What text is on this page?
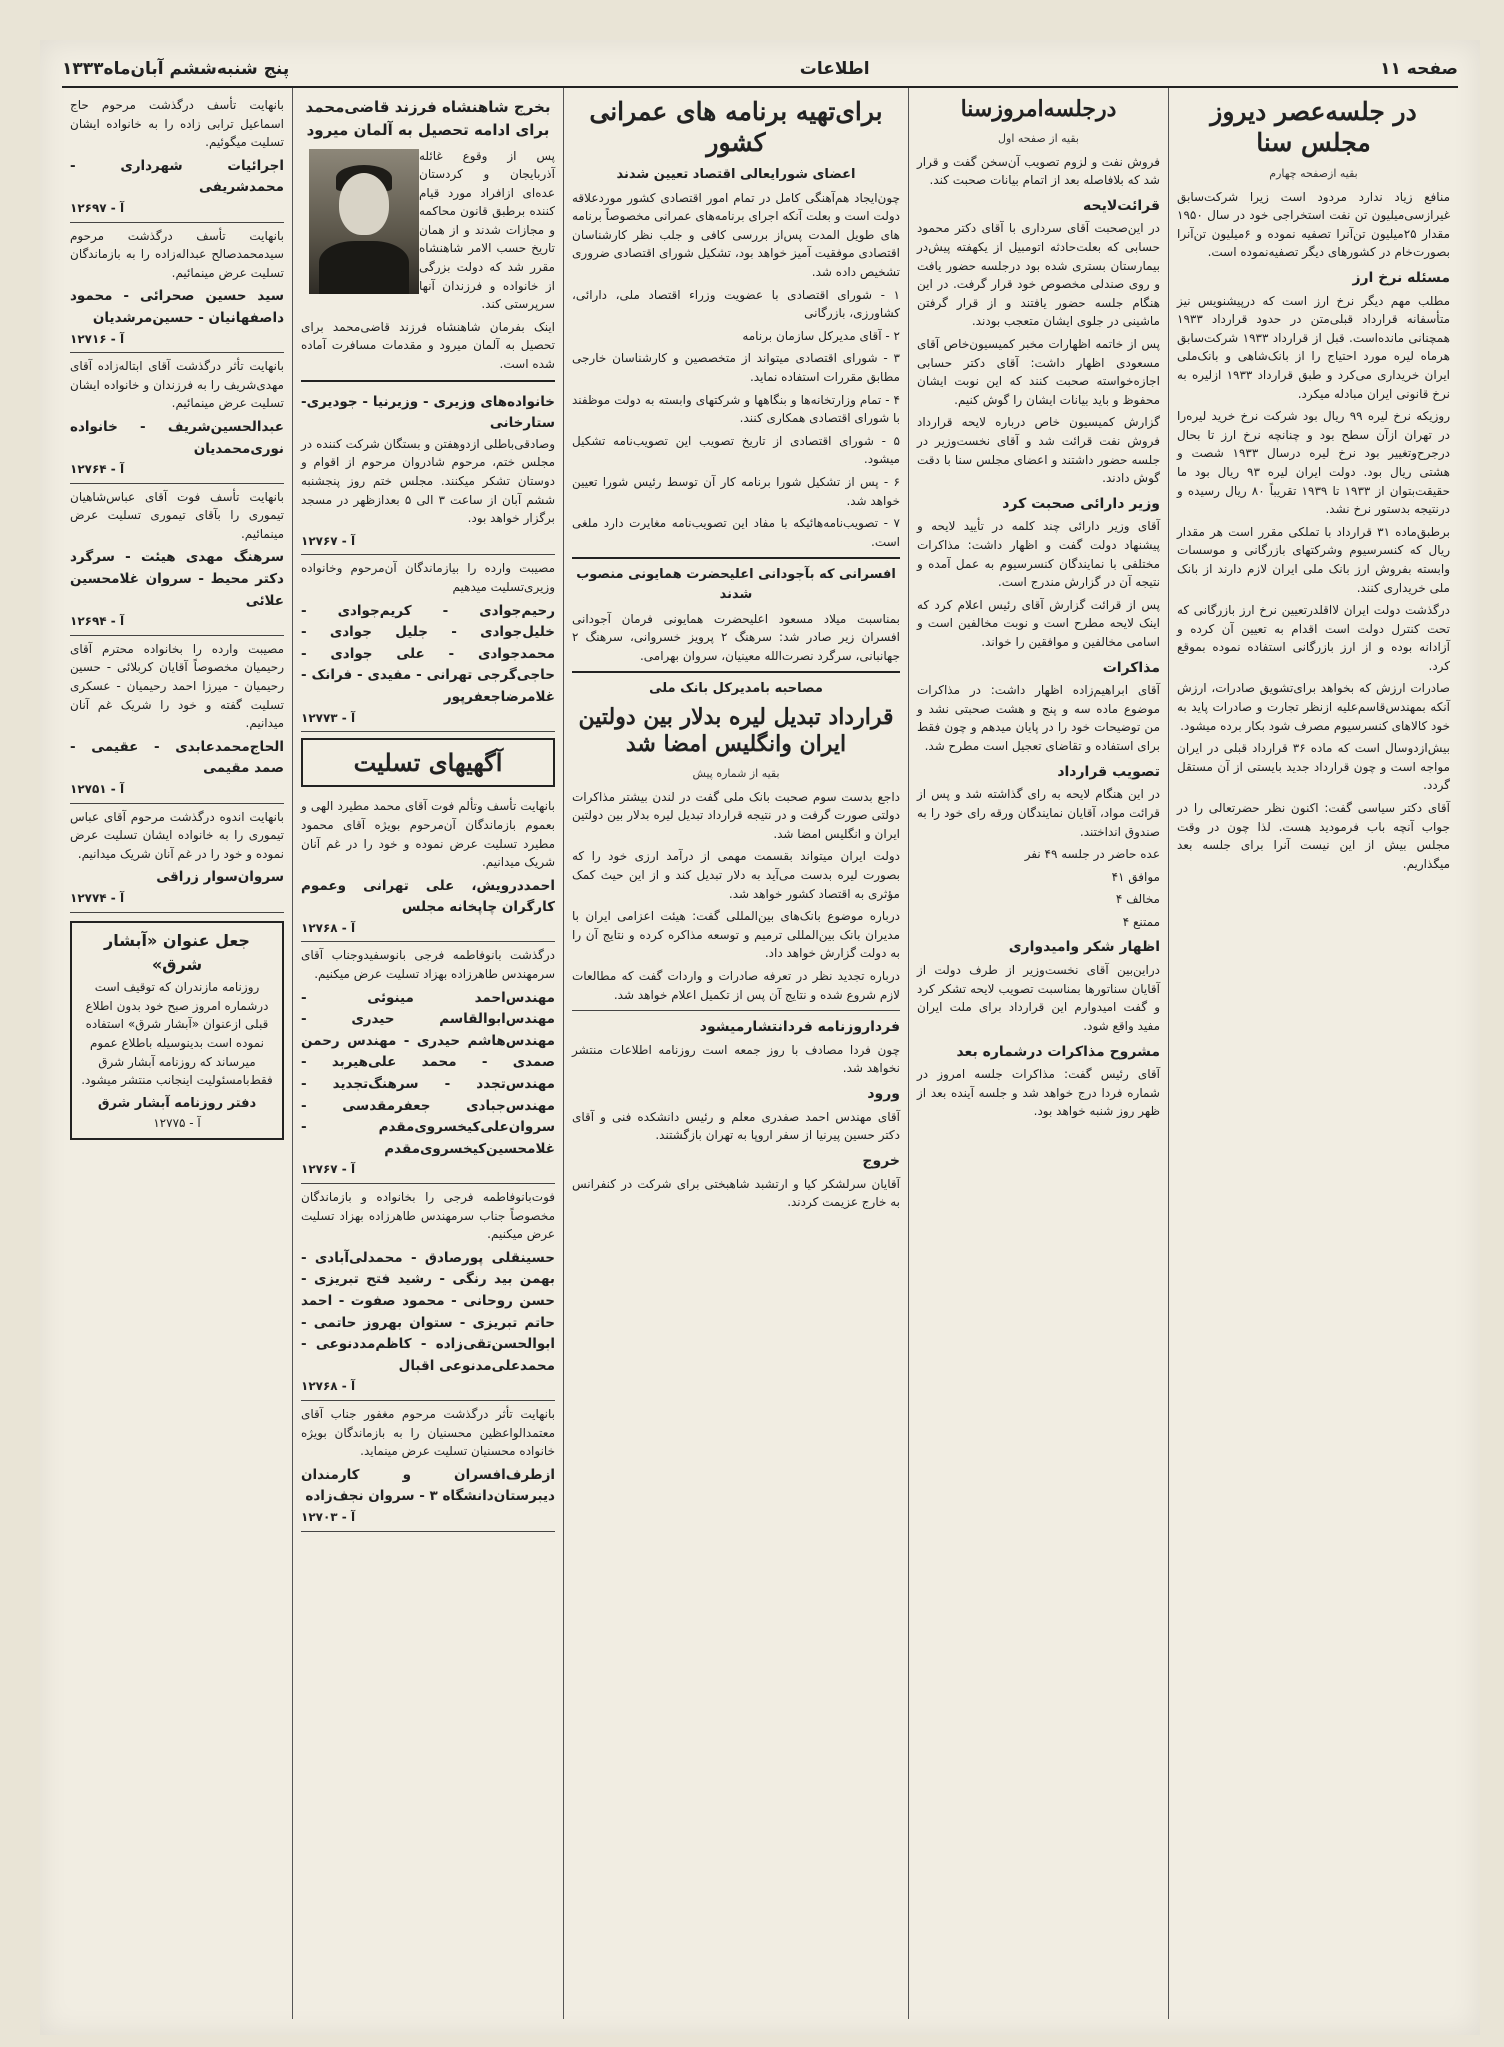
صفحه ۱۱
اطلاعات
پنج شنبه‌ششم آبان‌ماه۱۳۳۳
در جلسه‌عصر دیروز مجلس سنا
بقیه ازصفحه چهارم

منافع زیاد ندارد مردود است زیرا شرکت‌سابق غیرازسی‌میلیون تن نفت استخراجی خود در سال ۱۹۵۰ مقدار ۲۵میلیون تن‌آنرا تصفیه نموده و ۶میلیون تن‌آنرا بصورت‌خام در کشورهای دیگر تصفیه‌نموده است.

مسئله نرخ ارز

مطلب مهم دیگر نرخ ارز است که درپیشنویس نیز متأسفانه قرارداد قبلی‌متن در حدود قرارداد ۱۹۳۳ همچنانی مانده‌است. قبل از قرارداد ۱۹۳۳ شرکت‌سابق هرماه لیره مورد احتیاج را از بانک‌شاهی و بانک‌ملی ایران خریداری می‌کرد و طبق قرارداد ۱۹۳۳ ازلیره به نرخ قانونی ایران مبادله میکرد.

روزیکه نرخ لیره ۹۹ ریال بود شرکت نرخ خرید لیره‌را در تهران ازآن سطح بود و چنانچه نرخ ارز تا بحال درجرح‌وتغییر بود نرخ لیره درسال ۱۹۳۳ شصت و هشتی ریال بود. دولت ایران لیره ۹۳ ریال بود ما حقیقت‌بتوان از ۱۹۳۳ تا ۱۹۳۹ تقریباً ۸۰ ریال رسیده و درنتیجه بدستور نرخ نشد.

برطبق‌ماده ۳۱ قرارداد با تملکی مقرر است هر مقدار ریال که کنسرسیوم وشرکتهای بازرگانی و موسسات وابسته بفروش ارز بانک ملی ایران لازم دارند از بانک ملی خریداری کنند.

درگذشت دولت ایران لااقلدرتعیین نرخ ارز بازرگانی که تحت کنترل دولت است اقدام به تعیین آن کرده و آزادانه بوده و از ارز بازرگانی استفاده نموده بموقع کرد.

صادرات ارزش که بخواهد برای‌تشویق صادرات، ارزش آنکه بمهندس‌قاسم‌علیه ازنظر تجارت و صادرات پاید به خود کالاهای کنسرسیوم مصرف شود بکار برده میشود.

بیش‌ازدوسال است که ماده ۳۶ قرارداد قبلی در ایران مواجه است و چون قرارداد جدید بایستی از آن مستقل گردد.

آقای دکتر سیاسی گفت: اکنون نظر حضرتعالی را در جواب آنچه باب فرمودید هست. لذا چون در وقت مجلس بیش از این نیست آنرا برای جلسه بعد میگذاریم.

درجلسه‌امروزسنا
بقیه از صفحه اول

فروش نفت و لزوم تصویب آن‌سخن گفت و قرار شد که بلافاصله بعد از اتمام بیانات صحبت کند.

قرائت‌لایحه

در این‌صحبت آقای سرداری با آقای دکتر محمود حسابی که بعلت‌حادثه اتومبیل از یکهفته پیش‌در بیمارستان بستری شده بود درجلسه حضور یافت و روی صندلی مخصوص خود قرار گرفت. در این هنگام جلسه حضور یافتند و از قرار گرفتن ماشینی در جلوی ایشان متعجب بودند.

پس از خاتمه اظهارات مخبر کمیسیون‌خاص آقای مسعودی اظهار داشت: آقای دکتر حسابی اجازه‌خواسته صحبت کنند که این نوبت ایشان محفوظ و باید بیانات ایشان را گوش کنیم.

گزارش کمیسیون خاص درباره لایحه قرارداد فروش نفت قرائت شد و آقای نخست‌وزیر در جلسه حضور داشتند و اعضای مجلس سنا با دقت گوش دادند.

وزیر دارائی صحبت کرد

آقای وزیر دارائی چند کلمه در تأیید لایحه و پیشنهاد دولت گفت و اظهار داشت: مذاکرات مختلفی با نمایندگان کنسرسیوم به عمل آمده و نتیجه آن در گزارش مندرج است.

پس از قرائت گزارش آقای رئیس اعلام کرد که اینک لایحه مطرح است و نوبت مخالفین است و اسامی مخالفین و موافقین را خواند.

مذاکرات

آقای ابراهیم‌زاده اظهار داشت: در مذاکرات موضوع ماده سه و پنج و هشت صحبتی نشد و من توضیحات خود را در پایان میدهم و چون فقط برای استفاده و تقاضای تعجیل است مطرح شد.

تصویب قرارداد

در این هنگام لایحه به رای گذاشته شد و پس از قرائت مواد، آقایان نمایندگان ورقه رای خود را به صندوق انداختند.

عده حاضر در جلسه ۴۹ نفر

موافق ۴۱

مخالف ۴

ممتنع ۴

اظهار شکر وامیدواری

دراین‌بین آقای نخست‌وزیر از طرف دولت از آقایان سناتورها بمناسبت تصویب لایحه تشکر کرد و گفت امیدوارم این قرارداد برای ملت ایران مفید واقع شود.

مشروح مذاکرات درشماره بعد

آقای رئیس گفت: مذاکرات جلسه امروز در شماره فردا درج خواهد شد و جلسه آینده بعد از ظهر روز شنبه خواهد بود.

برای‌تهیه برنامه های عمرانی کشور
اعضای شورایعالی اقتصاد تعیین شدند

چون‌ایجاد هم‌آهنگی کامل در تمام امور اقتصادی کشور موردعلاقه دولت است و بعلت آنکه اجرای برنامه‌های عمرانی مخصوصاً برنامه های طویل المدت پس‌از بررسی کافی و جلب نظر کارشناسان اقتصادی موفقیت آمیز خواهد بود، تشکیل شورای اقتصادی ضروری تشخیص داده شد.

۱ - شورای اقتصادی با عضویت وزراء اقتصاد ملی، دارائی، کشاورزی، بازرگانی

۲ - آقای مدیرکل سازمان برنامه

۳ - شورای اقتصادی میتواند از متخصصین و کارشناسان خارجی مطابق مقررات استفاده نماید.

۴ - تمام وزارتخانه‌ها و بنگاهها و شرکتهای وابسته به دولت موظفند با شورای اقتصادی همکاری کنند.

۵ - شورای اقتصادی از تاریخ تصویب این تصویب‌نامه تشکیل میشود.

۶ - پس از تشکیل شورا برنامه کار آن توسط رئیس شورا تعیین خواهد شد.

۷ - تصویب‌نامه‌هائیکه با مفاد این تصویب‌نامه مغایرت دارد ملغی است.

افسرانی که بآجودانی اعلیحضرت همایونی منصوب شدند

بمناسبت میلاد مسعود اعلیحضرت همایونی فرمان آجودانی افسران زیر صادر شد: سرهنگ ۲ پرویز خسروانی، سرهنگ ۲ جهانبانی، سرگرد نصرت‌الله معینیان، سروان بهرامی.

مصاحبه بامدیرکل بانک ملی
قرارداد تبدیل لیره بدلار بین دولتین ایران وانگلیس امضا شد
بقیه از شماره پیش

داجع بدست سوم صحبت بانک ملی گفت در لندن بیشتر مذاکرات دولتی صورت گرفت و در نتیجه قرارداد تبدیل لیره بدلار بین دولتین ایران و انگلیس امضا شد.

دولت ایران میتواند بقسمت مهمی از درآمد ارزی خود را که بصورت لیره بدست می‌آید به دلار تبدیل کند و از این حیث کمک مؤثری به اقتصاد کشور خواهد شد.

درباره موضوع بانک‌های بین‌المللی گفت: هیئت اعزامی ایران با مدیران بانک بین‌المللی ترمیم و توسعه مذاکره کرده و نتایج آن را به دولت گزارش خواهد داد.

درباره تجدید نظر در تعرفه صادرات و واردات گفت که مطالعات لازم شروع شده و نتایج آن پس از تکمیل اعلام خواهد شد.

فرداروزنامه فردانتشارمیشود

چون فردا مصادف با روز جمعه است روزنامه اطلاعات منتشر نخواهد شد.

ورود

آقای مهندس احمد صفدری معلم و رئیس دانشکده فنی و آقای دکتر حسین پیرنیا از سفر اروپا به تهران بازگشتند.

خروج

آقایان سرلشکر کیا و ارتشبد شاهبختی برای شرکت در کنفرانس به خارج عزیمت کردند.

بخرج شاهنشاه فرزند قاضی‌محمد برای ادامه تحصیل به آلمان میرود

پس از وقوع غائله آذربایجان و کردستان عده‌ای ازافراد مورد قیام کننده برطبق قانون محاکمه و مجازات شدند و از همان تاریخ حسب الامر شاهنشاه مقرر شد که دولت بزرگی از خانواده و فرزندان آنها سرپرستی کند.

اینک بفرمان شاهنشاه فرزند قاضی‌محمد برای تحصیل به آلمان میرود و مقدمات مسافرت آماده شده است.

خانواده‌های وزیری - وزیرنیا - جودیری-ستارخانی

وصادقی‌باطلی ازدوهفتن و بستگان شرکت کننده در مجلس ختم، مرحوم شادروان مرحوم از اقوام و دوستان تشکر میکنند. مجلس ختم روز پنجشنبه ششم آبان از ساعت ۳ الی ۵ بعدازظهر در مسجد برگزار خواهد بود.

آ - ۱۲۷۶۷

مصیبت وارده را بیازماندگان آن‌مرحوم وخانواده وزیری‌تسلیت میدهیم

رحیم‌جوادی - کریم‌جوادی - خلیل‌جوادی - جلیل جوادی - محمدجوادی - علی جوادی - حاجی‌گرجی تهرانی - مفیدی - فرانک - غلامرضاجعفرپور
آ - ۱۲۷۷۳
آگهیهای تسلیت

بانهایت تأسف وتألم فوت آقای محمد مطیرد الهی و بعموم بازماندگان آن‌مرحوم بویژه آقای محمود مطیرد تسلیت عرض نموده و خود را در غم آنان شریک میدانیم.

احمددرویش، علی تهرانی وعموم کارگران چاپخانه مجلس
آ - ۱۲۷۶۸

درگذشت بانوفاطمه فرجی بانوسفیدوجناب آقای سرمهندس طاهرزاده بهزاد تسلیت عرض میکنیم.

مهندس‌احمد مینوئی - مهندس‌ابوالقاسم حیدری - مهندس‌هاشم حیدری - مهندس رحمن صمدی - محمد علی‌هیربد - مهندس‌تجدد - سرهنگ‌تجدید - مهندس‌جبادی جعفرمقدسی - سروان‌علی‌کیخسروی‌مقدم - غلامحسین‌کیخسروی‌مقدم
آ - ۱۲۷۶۷

فوت‌بانوفاطمه فرجی را بخانواده و بازماندگان مخصوصاً جناب سرمهندس طاهرزاده بهزاد تسلیت عرض میکنیم.

حسینقلی پورصادق - محمدلی‌آبادی - بهمن بید رنگی - رشید فتح تبریزی - حسن روحانی - محمود صفوت - احمد حاتم تبریزی - ستوان بهروز حاتمی - ابوالحسن‌تقی‌زاده - کاظم‌مددنوعی - محمدعلی‌مدنوعی اقبال
آ - ۱۲۷۶۸

بانهایت تأثر درگذشت مرحوم مغفور جناب آقای معتمدالواعظین محسنیان را به بازماندگان بویژه خانواده محسنیان تسلیت عرض مینماید.

ازطرف‌افسران و کارمندان دیبرستان‌دانشگاه ۳ - سروان نجف‌زاده
آ - ۱۲۷۰۳

بانهایت تأسف درگذشت مرحوم حاج اسماعیل ترابی زاده را به خانواده ایشان تسلیت میگوئیم.

اجرائیات شهرداری - محمدشریفی
آ - ۱۲۶۹۷

بانهایت تأسف درگذشت مرحوم سیدمحمدصالح عبداله‌زاده را به بازماندگان تسلیت عرض مینمائیم.

سید حسین صحرائی - محمود داصفهانیان - حسین‌مرشدیان
آ - ۱۲۷۱۶

بانهایت تأثر درگذشت آقای ابتاله‌زاده آقای مهدی‌شریف را به فرزندان و خانواده ایشان تسلیت عرض مینمائیم.

عبدالحسین‌شریف - خانواده نوری‌محمدیان
آ - ۱۲۷۶۴

بانهایت تأسف فوت آقای عباس‌شاهیان تیموری را بآقای تیموری تسلیت عرض مینمائیم.

سرهنگ مهدی هیئت - سرگرد دکتر محیط - سروان غلامحسین علائی
آ - ۱۲۶۹۴

مصیبت وارده را بخانواده محترم آقای رحیمیان مخصوصاً آقایان کربلائی - حسین رحیمیان - میرزا احمد رحیمیان - عسکری تسلیت گفته و خود را شریک غم آنان میدانیم.

الحاج‌محمدعابدی - عقیمی - صمد مقیمی
آ - ۱۲۷۵۱

بانهایت اندوه درگذشت مرحوم آقای عباس تیموری را به خانواده ایشان تسلیت عرض نموده و خود را در غم آنان شریک میدانیم.

سروان‌سوار زراقی
آ - ۱۲۷۷۴
جعل عنوان «آبشار شرق»

روزنامه مازندران که توقیف است درشماره امروز صبح خود بدون اطلاع قبلی ازعنوان «آبشار شرق» استفاده نموده است بدینوسیله باطلاع عموم میرساند که روزنامه آبشار شرق فقط‌بامسئولیت اینجانب منتشر میشود.

دفتر روزنامه آبشار شرق
آ - ۱۲۷۷۵
